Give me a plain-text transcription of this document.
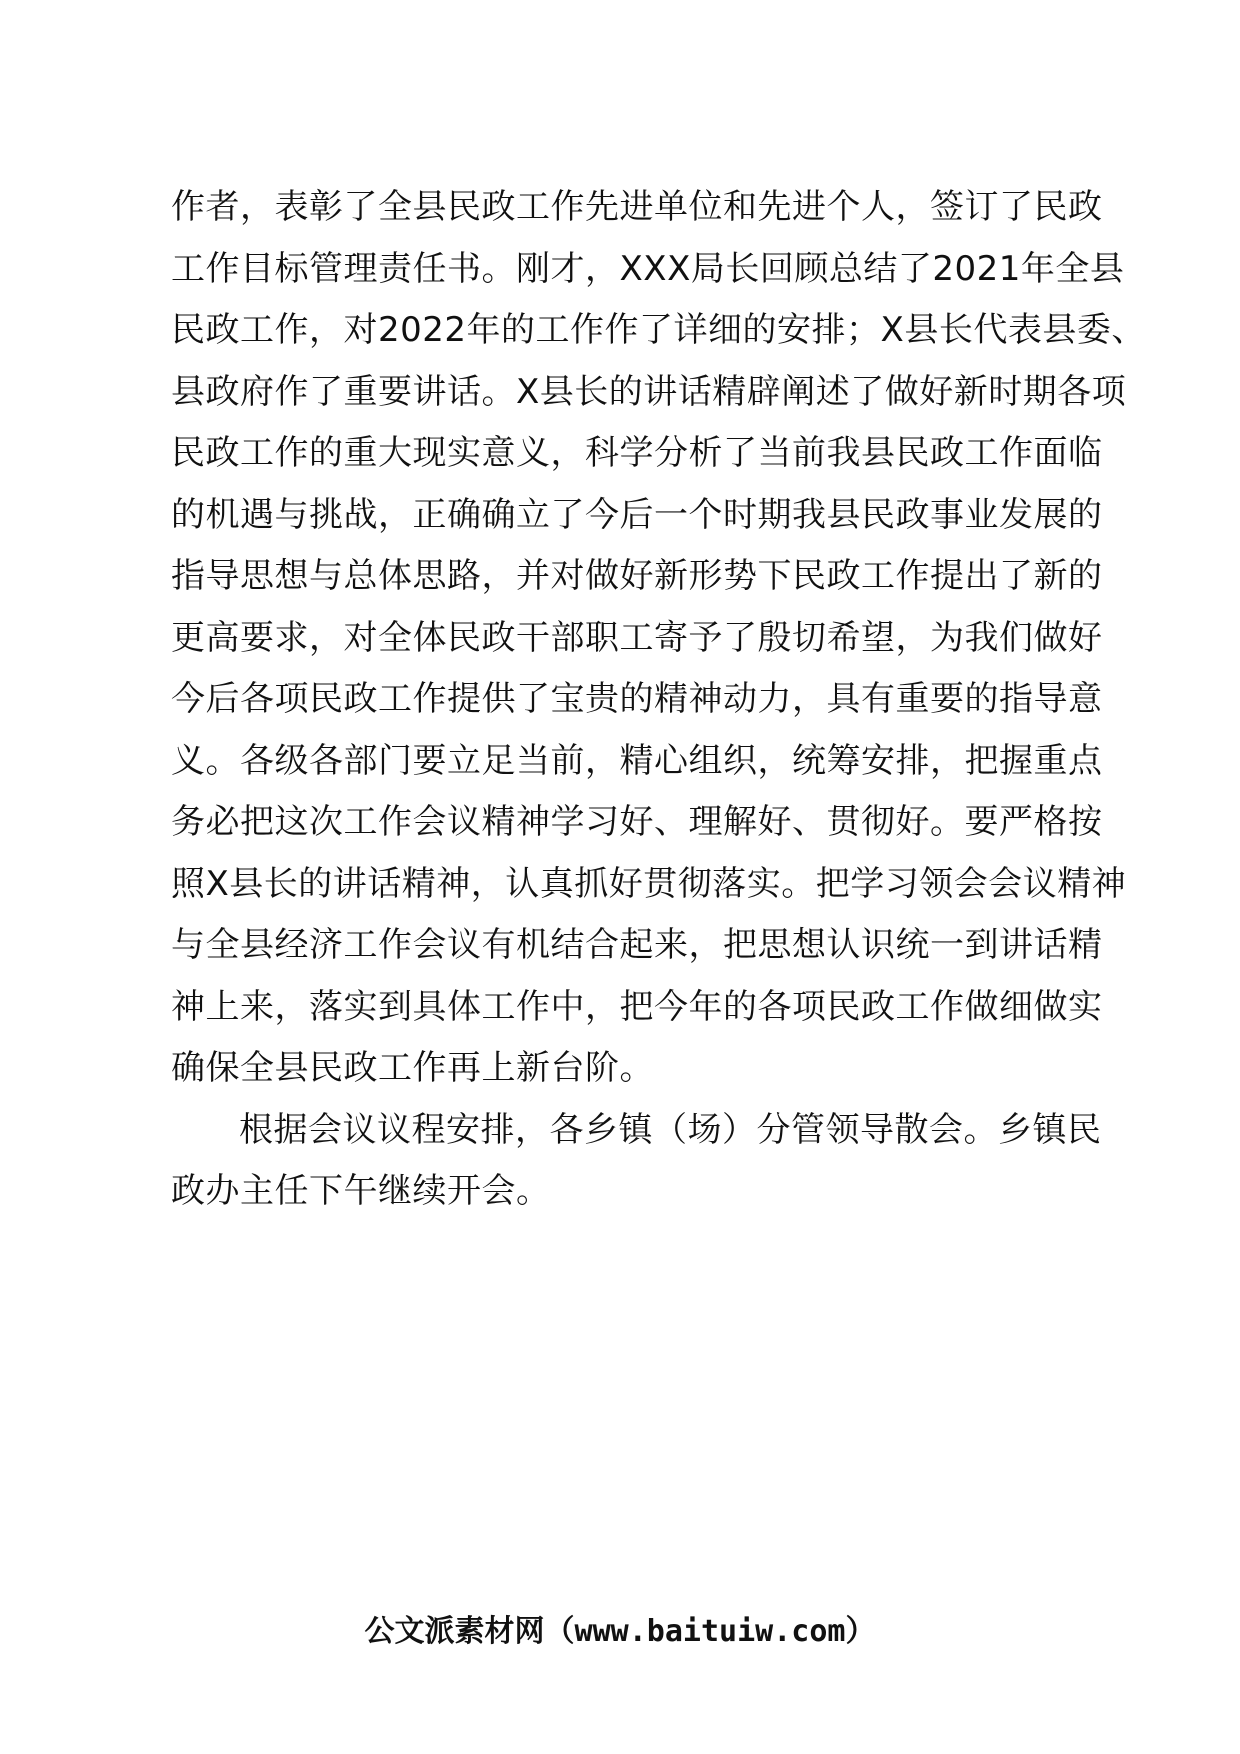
作者，表彰了全县民政工作先进单位和先进个人，签订了民政
工作目标管理责任书。刚才，XXX局长回顾总结了2021年全县
民政工作，对2022年的工作作了详细的安排；X县长代表县委、
县政府作了重要讲话。X县长的讲话精辟阐述了做好新时期各项
民政工作的重大现实意义，科学分析了当前我县民政工作面临
的机遇与挑战，正确确立了今后一个时期我县民政事业发展的
指导思想与总体思路，并对做好新形势下民政工作提出了新的
更高要求，对全体民政干部职工寄予了殷切希望，为我们做好
今后各项民政工作提供了宝贵的精神动力，具有重要的指导意
义。各级各部门要立足当前，精心组织，统筹安排，把握重点
务必把这次工作会议精神学习好、理解好、贯彻好。要严格按
照X县长的讲话精神，认真抓好贯彻落实。把学习领会会议精神
与全县经济工作会议有机结合起来，把思想认识统一到讲话精
神上来，落实到具体工作中，把今年的各项民政工作做细做实
确保全县民政工作再上新台阶。
根据会议议程安排，各乡镇（场）分管领导散会。乡镇民
政办主任下午继续开会。
公文派素材网（www.baituiw.com）
